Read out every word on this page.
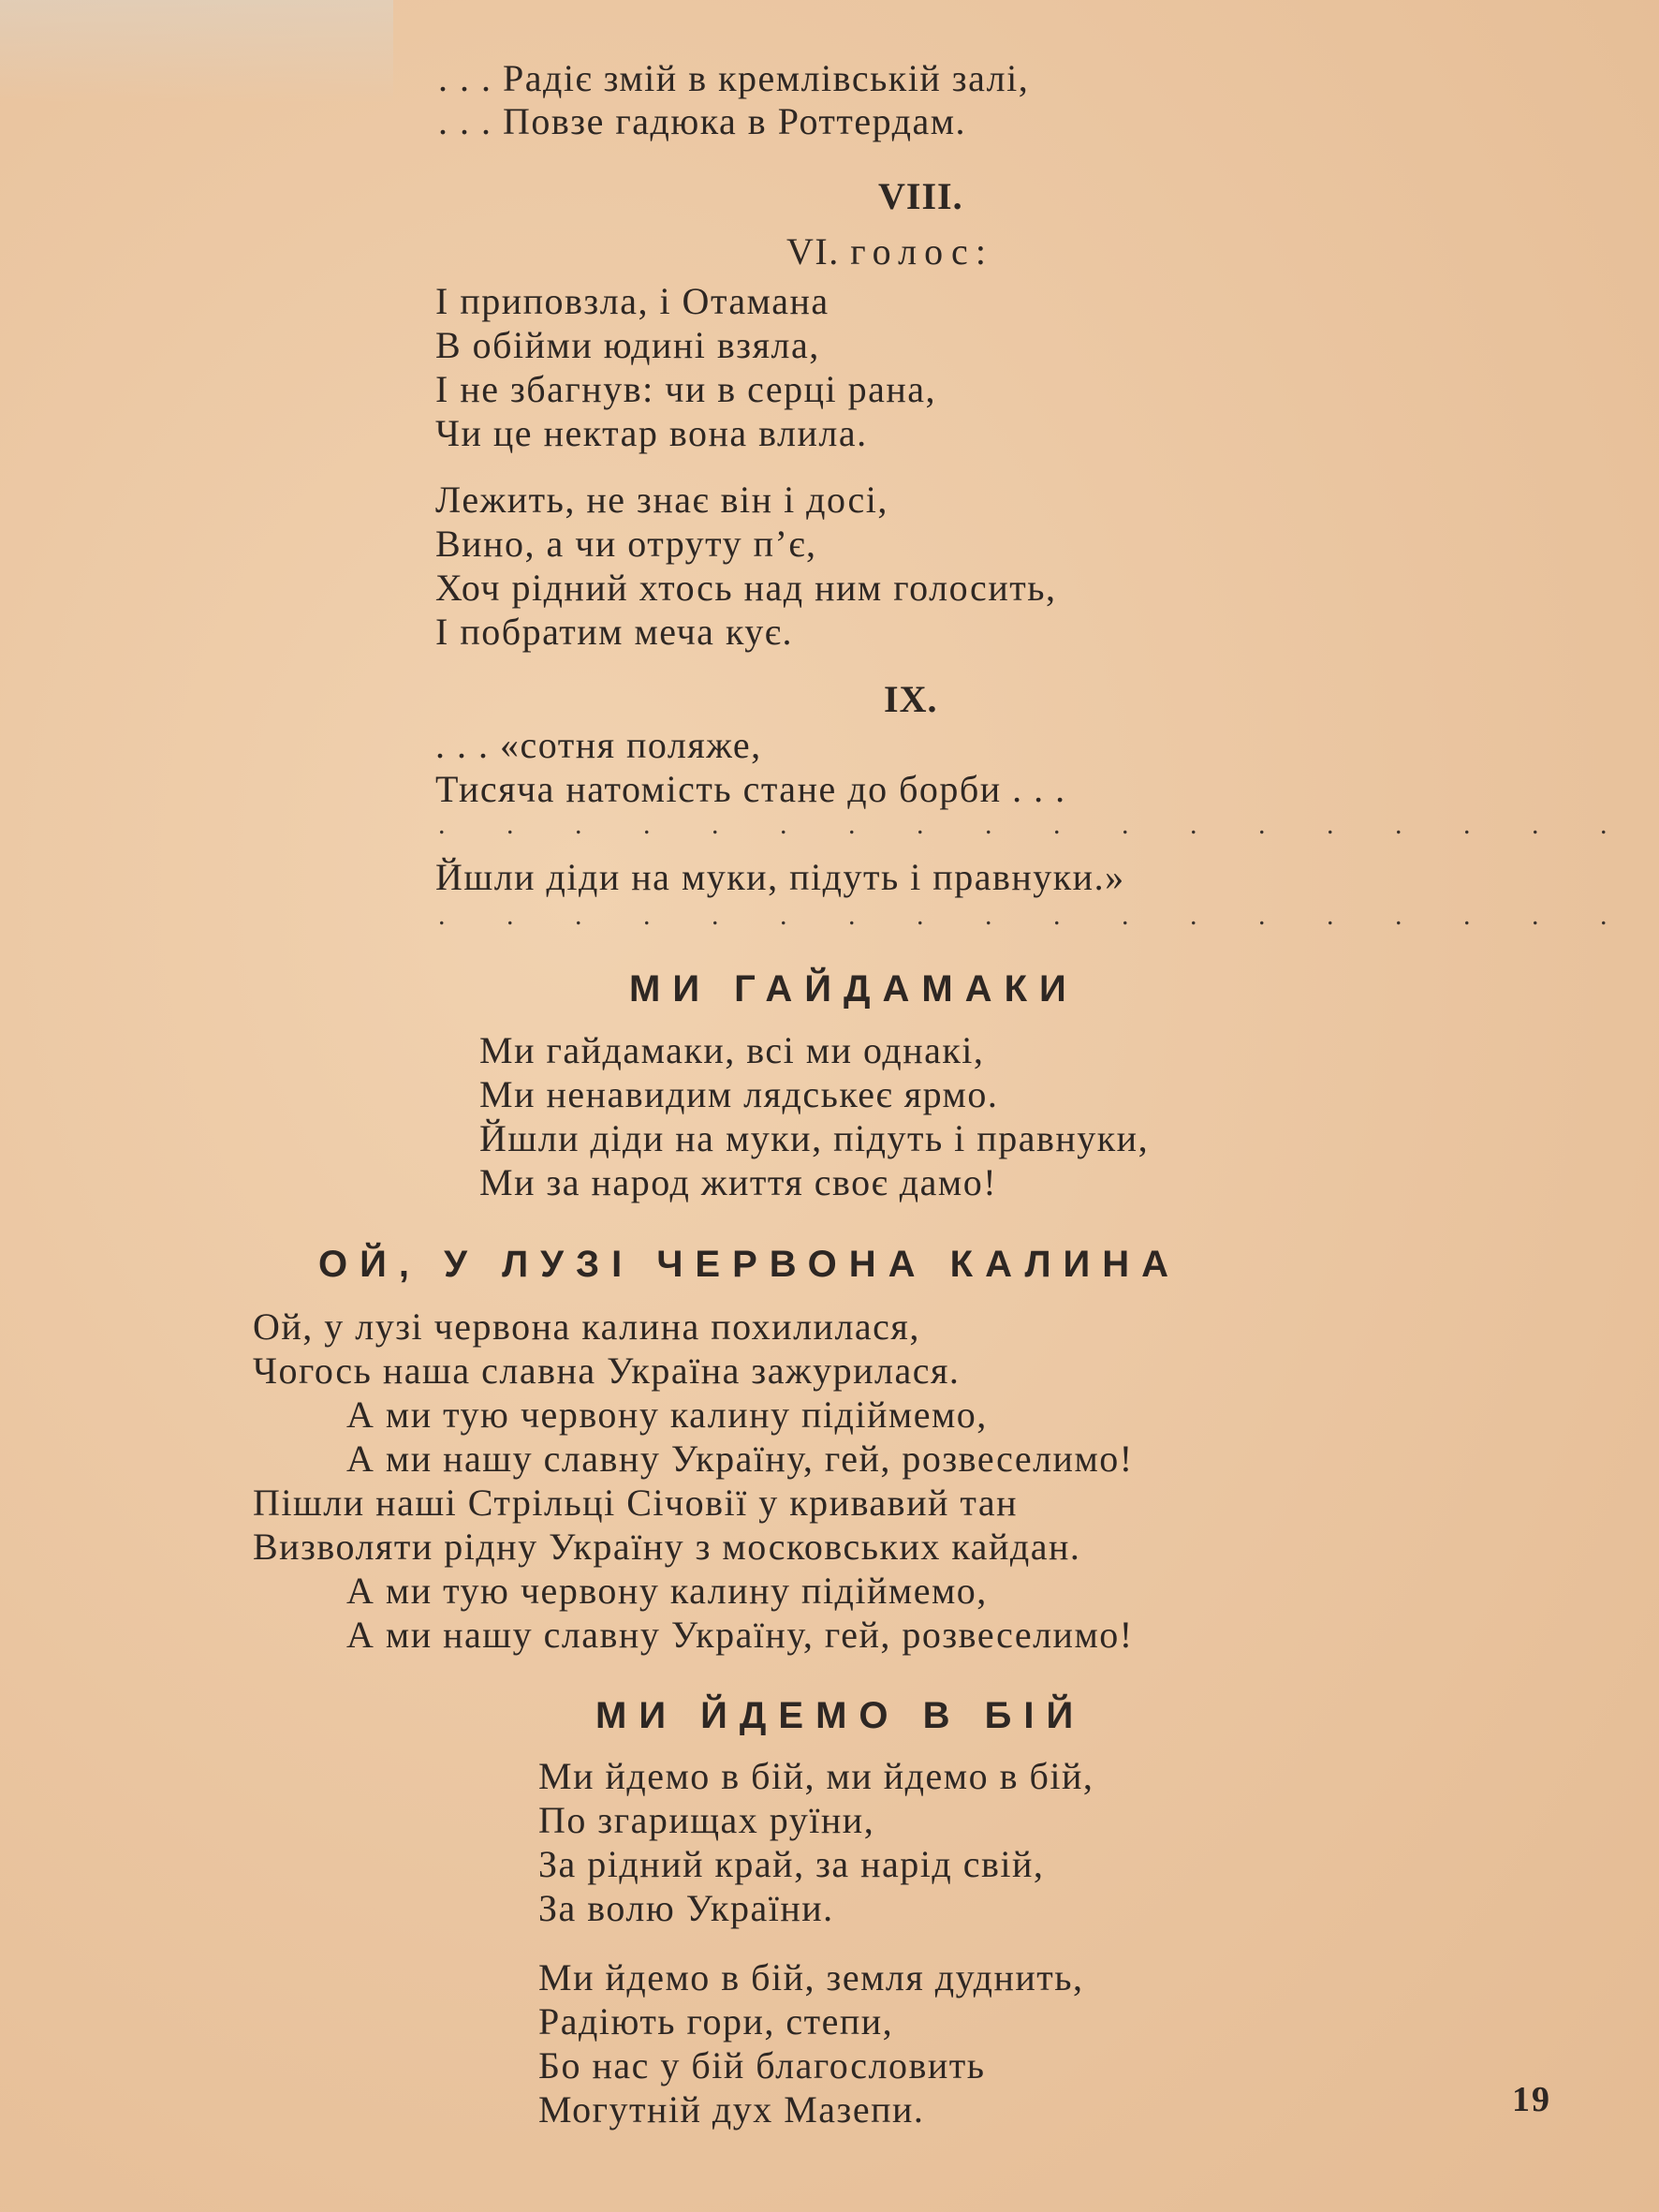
. . . Радіє змій в кремлівській залі,

. . . Повзе гадюка в Роттердам.

VIII.

VI. голос:

І приповзла, і Отамана

В обійми юдині взяла,

І не збагнув: чи в серці рана,

Чи це нектар вона влила.

Лежить, не знає він і досі,

Вино, а чи отруту п’є,

Хоч рідний хтось над ним голосить,

І побратим меча кує.

IX.

. . . «сотня поляже,

Тисяча натомість стане до борби . . .

. . . . . . . . . . . . . . . . . .

Йшли діди на муки, підуть і правнуки.»

. . . . . . . . . . . . . . . . . .

МИ ГАЙДАМАКИ

Ми гайдамаки, всі ми однакі,

Ми ненавидим лядськеє ярмо.

Йшли діди на муки, підуть і правнуки,

Ми за народ життя своє дамо!

ОЙ, У ЛУЗІ ЧЕРВОНА КАЛИНА

Ой, у лузі червона калина похилилася,

Чогось наша славна Україна зажурилася.

А ми тую червону калину підіймемо,

А ми нашу славну Україну, гей, розвеселимо!

Пішли наші Стрільці Січовії у кривавий тан

Визволяти рідну Україну з московських кайдан.

А ми тую червону калину підіймемо,

А ми нашу славну Україну, гей, розвеселимо!

МИ ЙДЕМО В БІЙ

Ми йдемо в бій, ми йдемо в бій,

По згарищах руїни,

За рідний край, за нарід свій,

За волю України.

Ми йдемо в бій, земля дуднить,

Радіють гори, степи,

Бо нас у бій благословить

Могутній дух Мазепи.	19
